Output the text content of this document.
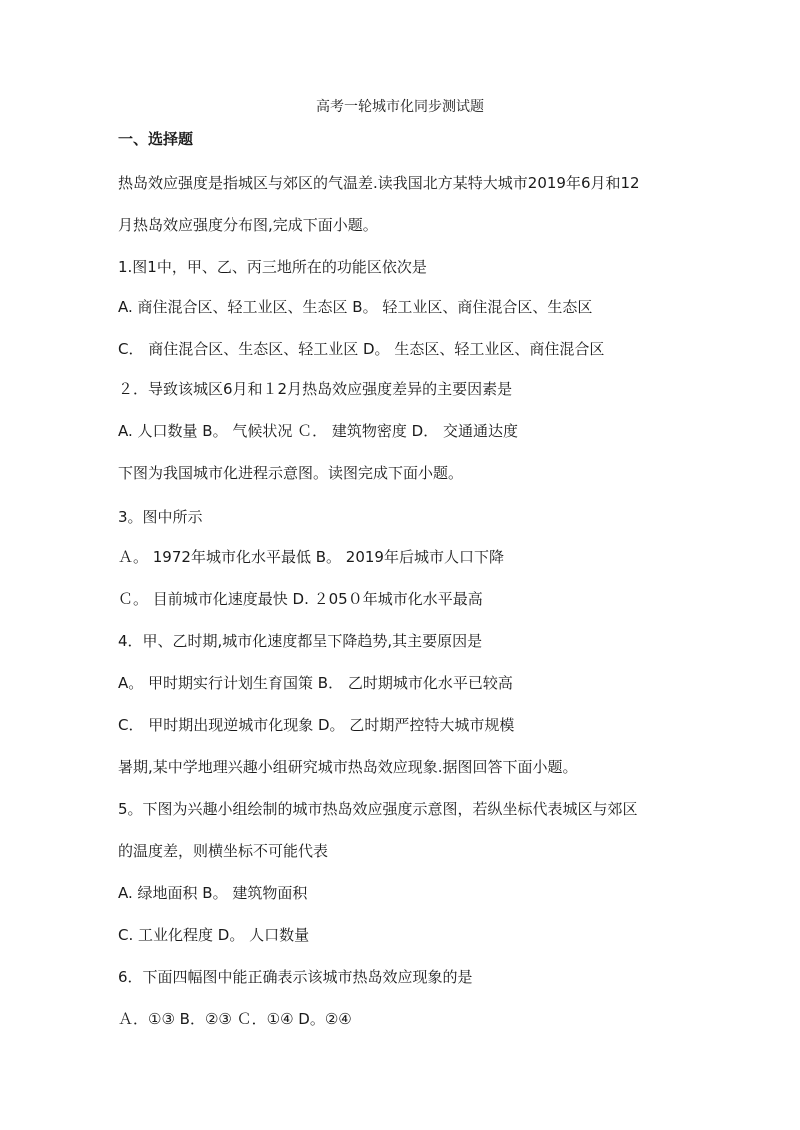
高考一轮城市化同步测试题
一、选择题
热岛效应强度是指城区与郊区的气温差.读我国北方某特大城市2019年6月和12
月热岛效应强度分布图,完成下面小题。
1.图1中，甲、乙、丙三地所在的功能区依次是
A. 商住混合区、轻工业区、生态区 B。 轻工业区、商住混合区、生态区
C． 商住混合区、生态区、轻工业区 D。 生态区、轻工业区、商住混合区
２．导致该城区6月和１2月热岛效应强度差异的主要因素是
A. 人口数量 B。 气候状况 Ｃ． 建筑物密度 D． 交通通达度
下图为我国城市化进程示意图。读图完成下面小题。
3。图中所示
Ａ。 1972年城市化水平最低 B。 2019年后城市人口下降
Ｃ。 目前城市化速度最快 D. ２05０年城市化水平最高
4．甲、乙时期,城市化速度都呈下降趋势,其主要原因是
A。 甲时期实行计划生育国策 B． 乙时期城市化水平已较高
C． 甲时期出现逆城市化现象 D。 乙时期严控特大城市规模
暑期,某中学地理兴趣小组研究城市热岛效应现象.据图回答下面小题。
5。下图为兴趣小组绘制的城市热岛效应强度示意图，若纵坐标代表城区与郊区
的温度差，则横坐标不可能代表
A. 绿地面积 B。 建筑物面积
C. 工业化程度 D。 人口数量
6．下面四幅图中能正确表示该城市热岛效应现象的是
Ａ．①③ B．②③ Ｃ．①④ D。②④
